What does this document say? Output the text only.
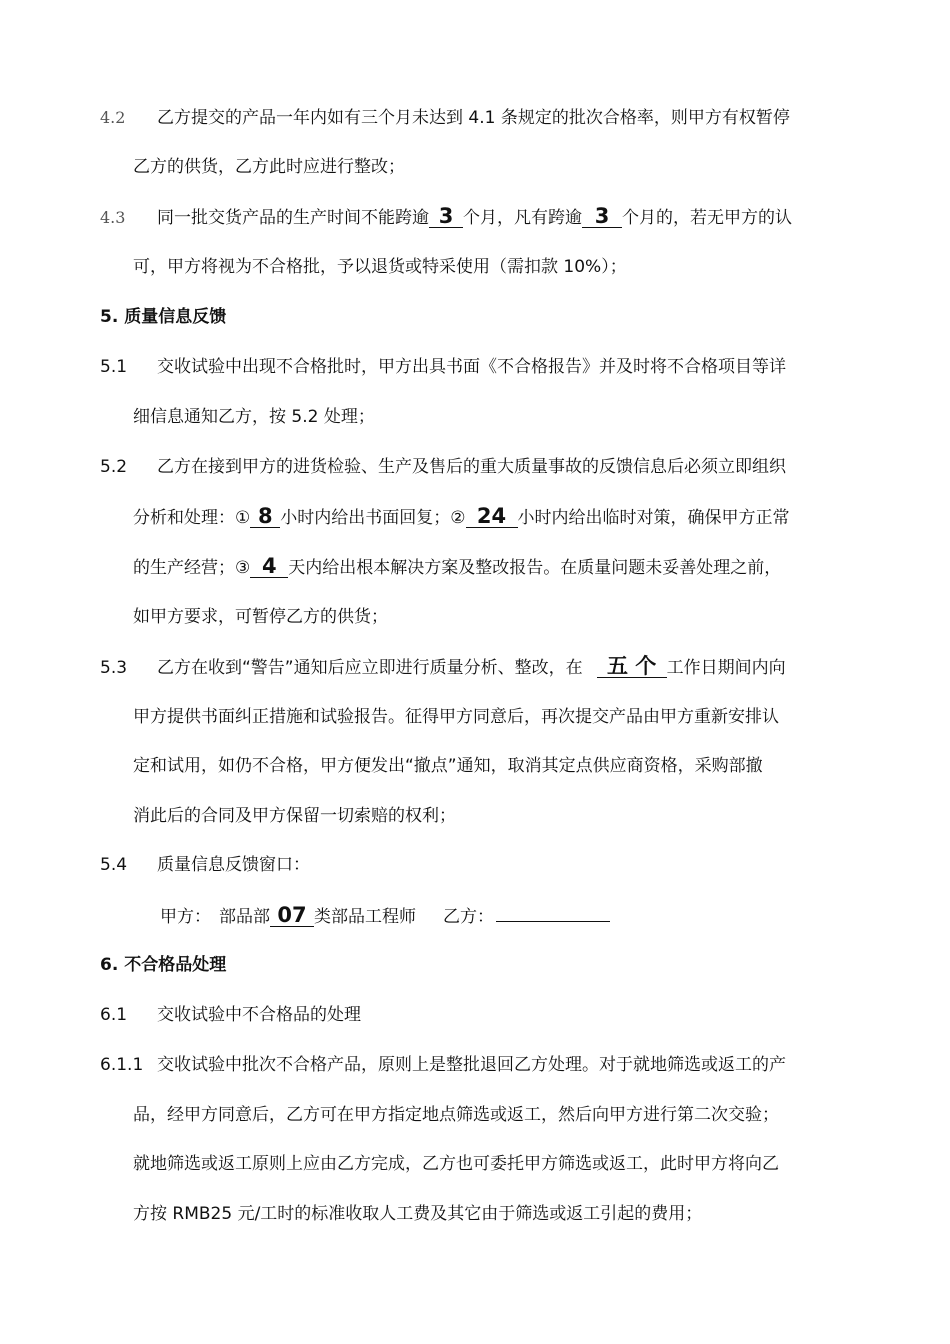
4.2 乙方提交的产品一年内如有三个月未达到 4.1 条规定的批次合格率，则甲方有权暂停
乙方的供货，乙方此时应进行整改；
4.3 同一批交货产品的生产时间不能跨逾 3 个月，凡有跨逾 3 个月的，若无甲方的认
可，甲方将视为不合格批，予以退货或特采使用（需扣款 10%）；
5. 质量信息反馈
5.1 交收试验中出现不合格批时，甲方出具书面《不合格报告》并及时将不合格项目等详
细信息通知乙方，按 5.2 处理；
5.2 乙方在接到甲方的进货检验、生产及售后的重大质量事故的反馈信息后必须立即组织
分析和处理：① 8 小时内给出书面回复；② 24 小时内给出临时对策，确保甲方正常
的生产经营；③ 4 天内给出根本解决方案及整改报告。在质量问题未妥善处理之前，
如甲方要求，可暂停乙方的供货；
5.3 乙方在收到“警告”通知后应立即进行质量分析、整改，在 五 个 工作日期间内向
甲方提供书面纠正措施和试验报告。征得甲方同意后，再次提交产品由甲方重新安排认
定和试用，如仍不合格，甲方便发出“撤点”通知，取消其定点供应商资格，采购部撤
消此后的合同及甲方保留一切索赔的权利；
5.4 质量信息反馈窗口：
甲方： 部品部 07 类部品工程师 乙方：
6. 不合格品处理
6.1 交收试验中不合格品的处理
6.1.1 交收试验中批次不合格产品，原则上是整批退回乙方处理。对于就地筛选或返工的产
品，经甲方同意后，乙方可在甲方指定地点筛选或返工，然后向甲方进行第二次交验；
就地筛选或返工原则上应由乙方完成，乙方也可委托甲方筛选或返工，此时甲方将向乙
方按 RMB25 元/工时的标准收取人工费及其它由于筛选或返工引起的费用；
